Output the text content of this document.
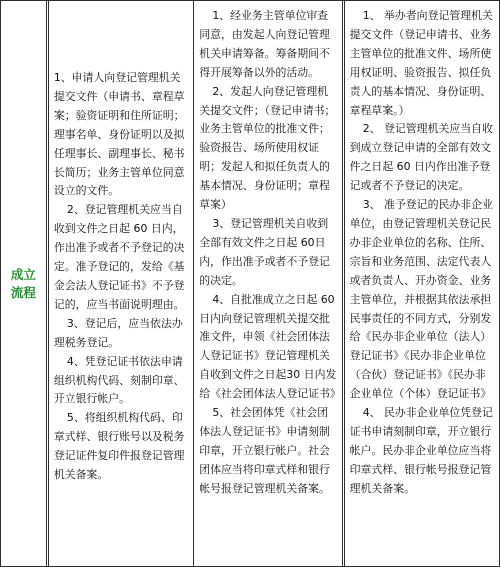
成立流程

1、申请人向登记管理机关提交文件（申请书、章程草案；验资证明和住所证明；理事名单、身份证明以及拟任理事长、副理事长、秘书长简历；业务主管单位同意设立的文件。

2、登记管理机关应当自收到文件之日起 60 日内，作出准予或者不予登记的决定。准予登记的，发给《基金会法人登记证书》不予登记的，应当书面说明理由。

3、登记后，应当依法办理税务登记。

4、凭登记证书依法申请组织机构代码、刻制印章、开立银行帐户。

5、将组织机构代码、印章式样、银行账号以及税务登记证件复印件报登记管理机关备案。

1、经业务主管单位审查同意，由发起人向登记管理机关申请筹备。筹备期间不得开展筹备以外的活动。

2、发起人向登记管理机关提交文件；（登记申请书；业务主管单位的批准文件；验资报告、场所使用权证明；发起人和拟任负责人的基本情况、身份证明；章程草案）

3、登记管理机关自收到全部有效文件之日起 60日内，作出准予或者不予登记的决定。

4、自批准成立之日起 60日内向登记管理机关提交批准文件，申领《社会团体法人登记证书》登记管理机关自收到文件之日起30 日内发给《社会团体法人登记证书》

5、社会团体凭《社会团体法人登记证书》申请刻制印章，开立银行帐户。社会团体应当将印章式样和银行帐号报登记管理机关备案。

1、 举办者向登记管理机关提交文件（登记申请书、业务主管单位的批准文件、场所使用权证明、验资报告、拟任负责人的基本情况、身份证明、章程草案。）

2、 登记管理机关应当自收到成立登记申请的全部有效文件之日起 60 日内作出准予登记或者不予登记的决定。

3、 准予登记的民办非企业单位，由登记管理机关登记民办非企业单位的名称、住所、宗旨和业务范围、法定代表人或者负责人、开办资金、业务主管单位，并根据其依法承担民事责任的不同方式，分别发给《民办非企业单位（法人）登记证书》《民办非企业单位（合伙）登记证书》《民办非企业单位（个体）登记证书》

4、 民办非企业单位凭登记证书申请刻制印章，开立银行帐户。民办非企业单位应当将印章式样、银行帐号报登记管理机关备案。
